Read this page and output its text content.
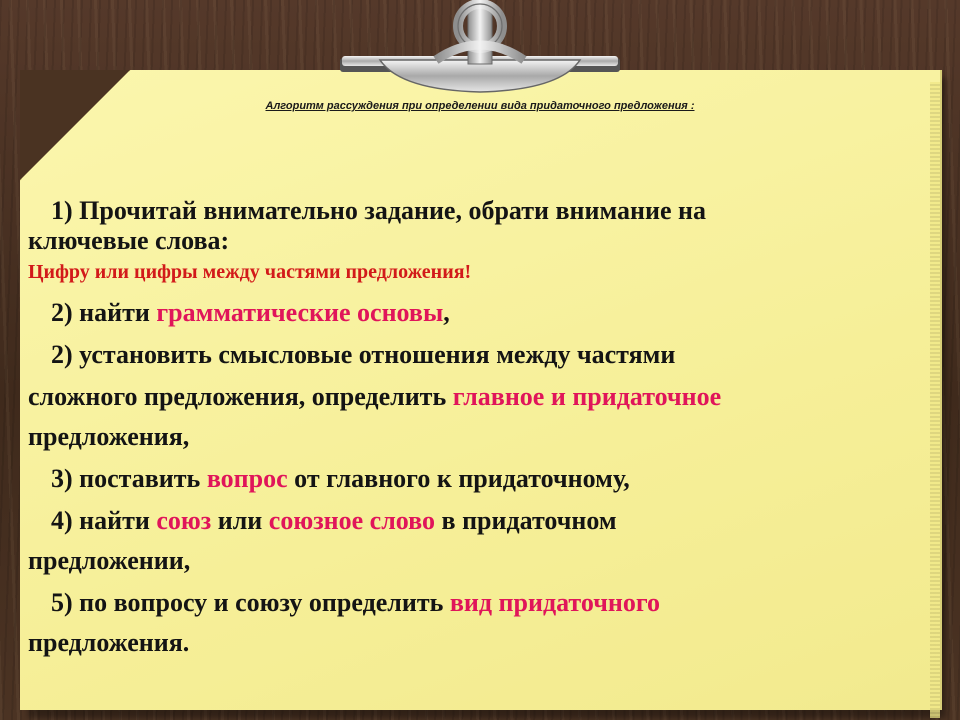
Алгоритм рассуждения при определении вида придаточного предложения :

1) Прочитай внимательно задание, обрати внимание на

ключевые слова:

Цифру или цифры между частями предложения!

2) найти грамматические основы,

2) установить смысловые отношения между частями

сложного предложения, определить главное и придаточное

предложения,

3) поставить вопрос от главного к придаточному,

4) найти союз или союзное слово в придаточном

предложении,

5) по вопросу и союзу определить вид придаточного

предложения.
